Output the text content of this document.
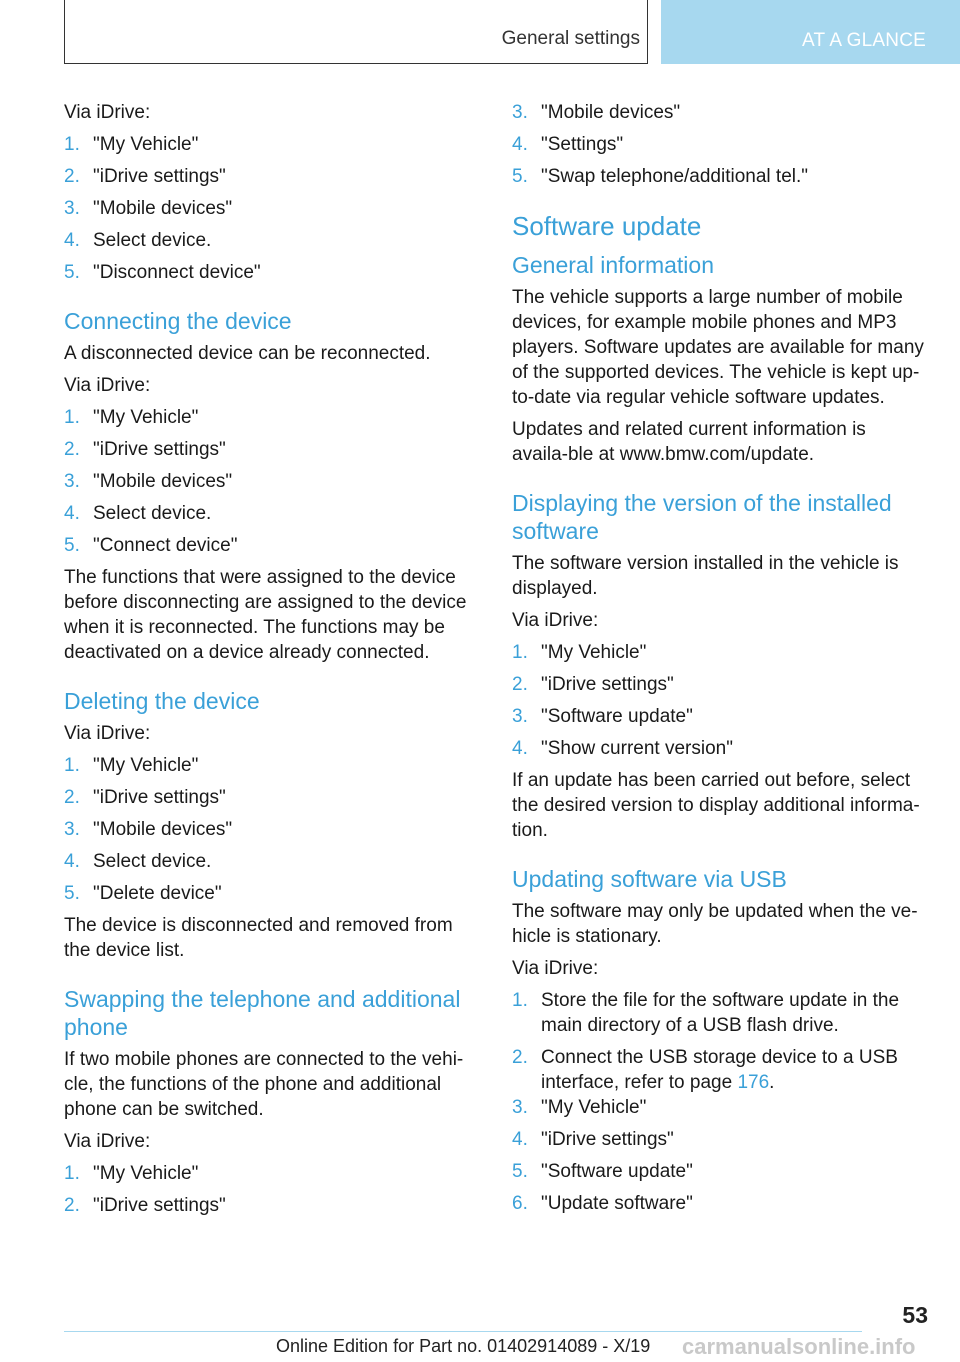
General settings	AT A GLANCE

Via iDrive:

1. "My Vehicle"
2. "iDrive settings"
3. "Mobile devices"
4. Select device.
5. "Disconnect device"
Connecting the device

A disconnected device can be reconnected.

Via iDrive:

1. "My Vehicle"
2. "iDrive settings"
3. "Mobile devices"
4. Select device.
5. "Connect device"

The functions that were assigned to the device before disconnecting are assigned to the device when it is reconnected. The functions may be deactivated on a device already connected.

Deleting the device

Via iDrive:

1. "My Vehicle"
2. "iDrive settings"
3. "Mobile devices"
4. Select device.
5. "Delete device"

The device is disconnected and removed from the device list.

Swapping the telephone and additional phone

If two mobile phones are connected to the vehi‐cle, the functions of the phone and additional phone can be switched.

Via iDrive:

1. "My Vehicle"
2. "iDrive settings"
3. "Mobile devices"
4. "Settings"
5. "Swap telephone/additional tel."
Software update
General information

The vehicle supports a large number of mobile devices, for example mobile phones and MP3 players. Software updates are available for many of the supported devices. The vehicle is kept up-to-date via regular vehicle software updates.

Updates and related current information is availa‐ble at www.bmw.com/update.

Displaying the version of the installed software

The software version installed in the vehicle is displayed.

Via iDrive:

1. "My Vehicle"
2. "iDrive settings"
3. "Software update"
4. "Show current version"

If an update has been carried out before, select the desired version to display additional informa‐tion.

Updating software via USB

The software may only be updated when the ve‐hicle is stationary.

Via iDrive:

1. Store the file for the software update in the main directory of a USB flash drive.
2. Connect the USB storage device to a USB interface, refer to page 176.
3. "My Vehicle"
4. "iDrive settings"
5. "Software update"
6. "Update software"
53
Online Edition for Part no. 01402914089 - X/19 carmanualsonline.info
